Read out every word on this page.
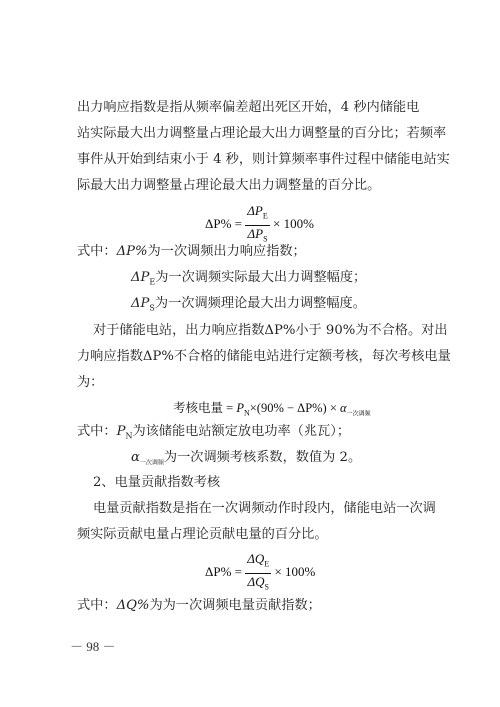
出力响应指数是指从频率偏差超出死区开始，4 秒内储能电
站实际最大出力调整量占理论最大出力调整量的百分比；若频率
事件从开始到结束小于 4 秒，则计算频率事件过程中储能电站实
际最大出力调整量占理论最大出力调整量的百分比。
$\Delta P\% = \frac{\Delta P_E}{\Delta P_S} \times 100\%$
式中：ΔP%为一次调频出力响应指数；
$\Delta P_E$为一次调频实际最大出力调整幅度；
$\Delta P_S$为一次调频理论最大出力调整幅度。
对于储能电站，出力响应指数ΔP%小于 90%为不合格。对出
力响应指数ΔP%不合格的储能电站进行定额考核，每次考核电量
为：
考核电量 = $P_N\times(90\% - \Delta P\%) \times \alpha_{一次调频}$
式中：$P_N$为该储能电站额定放电功率（兆瓦）；
$\alpha_{一次调频}$为一次调频考核系数，数值为 2。
2、电量贡献指数考核
电量贡献指数是指在一次调频动作时段内，储能电站一次调
频实际贡献电量占理论贡献电量的百分比。
$\Delta P\% = \frac{\Delta Q_E}{\Delta Q_S} \times 100\%$
式中：ΔQ%为为一次调频电量贡献指数；
－ 98 －
